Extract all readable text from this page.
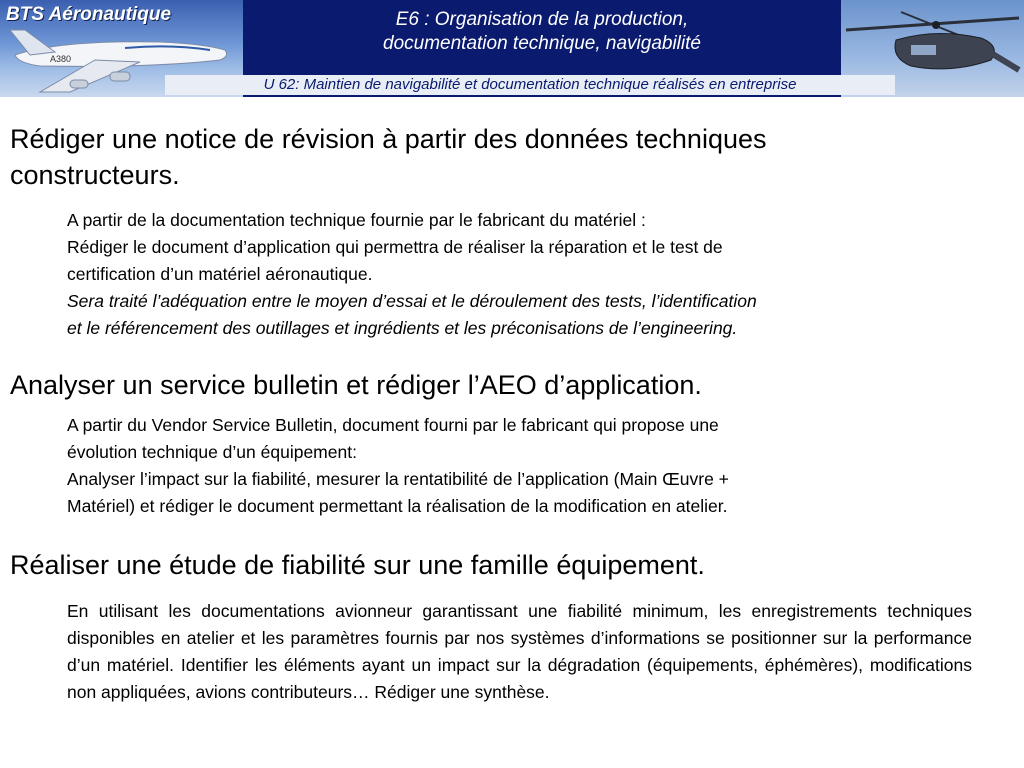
A380
BTS Aéronautique	E6 : Organisation de la production,
documentation technique, navigabilité
U 62: Maintien de navigabilité et documentation technique réalisés en entreprise
Rédiger une notice de révision à partir des données techniques
constructeurs.
A partir de la documentation technique fournie par le fabricant du matériel :
Rédiger le document d’application qui permettra de réaliser la réparation et le test de
certification d’un matériel aéronautique.
Sera traité l’adéquation entre le moyen d’essai et le déroulement des tests, l’identification
et le référencement des outillages et ingrédients et les préconisations de l’engineering.
Analyser un service bulletin et rédiger l’AEO d’application.
A partir du Vendor Service Bulletin, document fourni par le fabricant qui propose une
évolution technique d’un équipement:
Analyser l’impact sur la fiabilité, mesurer la rentatibilité de l’application (Main Œuvre +
Matériel) et rédiger le document permettant la réalisation de la modification en atelier.
Réaliser une étude de fiabilité sur une famille équipement.
En utilisant les documentations avionneur garantissant une fiabilité minimum, les enregistrements techniques disponibles en atelier et les paramètres fournis par nos systèmes d’informations se positionner sur la performance d’un matériel. Identifier les éléments ayant un impact sur la dégradation (équipements, éphémères), modifications non appliquées, avions contributeurs… Rédiger une synthèse.
